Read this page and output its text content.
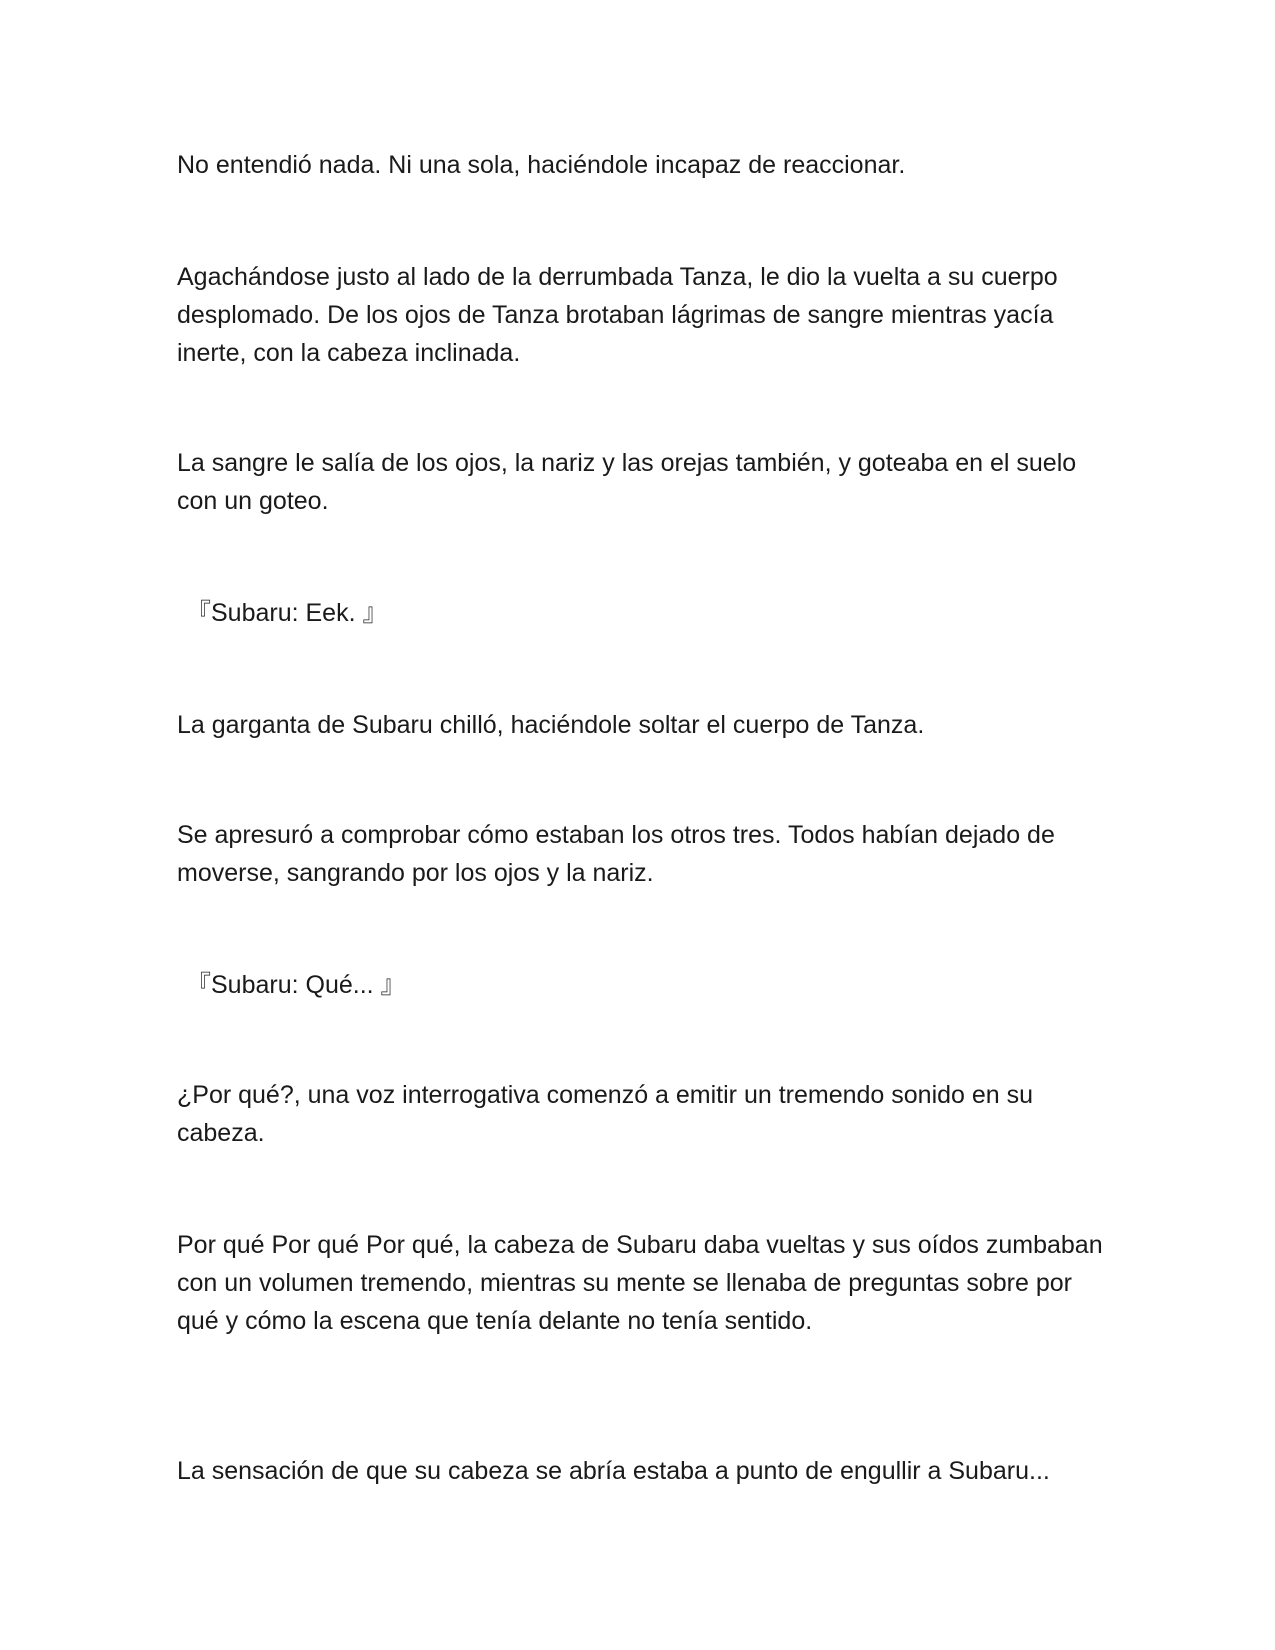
No entendió nada. Ni una sola, haciéndole incapaz de reaccionar.

Agachándose justo al lado de la derrumbada Tanza, le dio la vuelta a su cuerpo desplomado. De los ojos de Tanza brotaban lágrimas de sangre mientras yacía inerte, con la cabeza inclinada.

La sangre le salía de los ojos, la nariz y las orejas también, y goteaba en el suelo con un goteo.

『Subaru: Eek. 』

La garganta de Subaru chilló, haciéndole soltar el cuerpo de Tanza.

Se apresuró a comprobar cómo estaban los otros tres. Todos habían dejado de moverse, sangrando por los ojos y la nariz.

『Subaru: Qué... 』

¿Por qué?, una voz interrogativa comenzó a emitir un tremendo sonido en su cabeza.

Por qué Por qué Por qué, la cabeza de Subaru daba vueltas y sus oídos zumbaban con un volumen tremendo, mientras su mente se llenaba de preguntas sobre por qué y cómo la escena que tenía delante no tenía sentido.

La sensación de que su cabeza se abría estaba a punto de engullir a Subaru...
